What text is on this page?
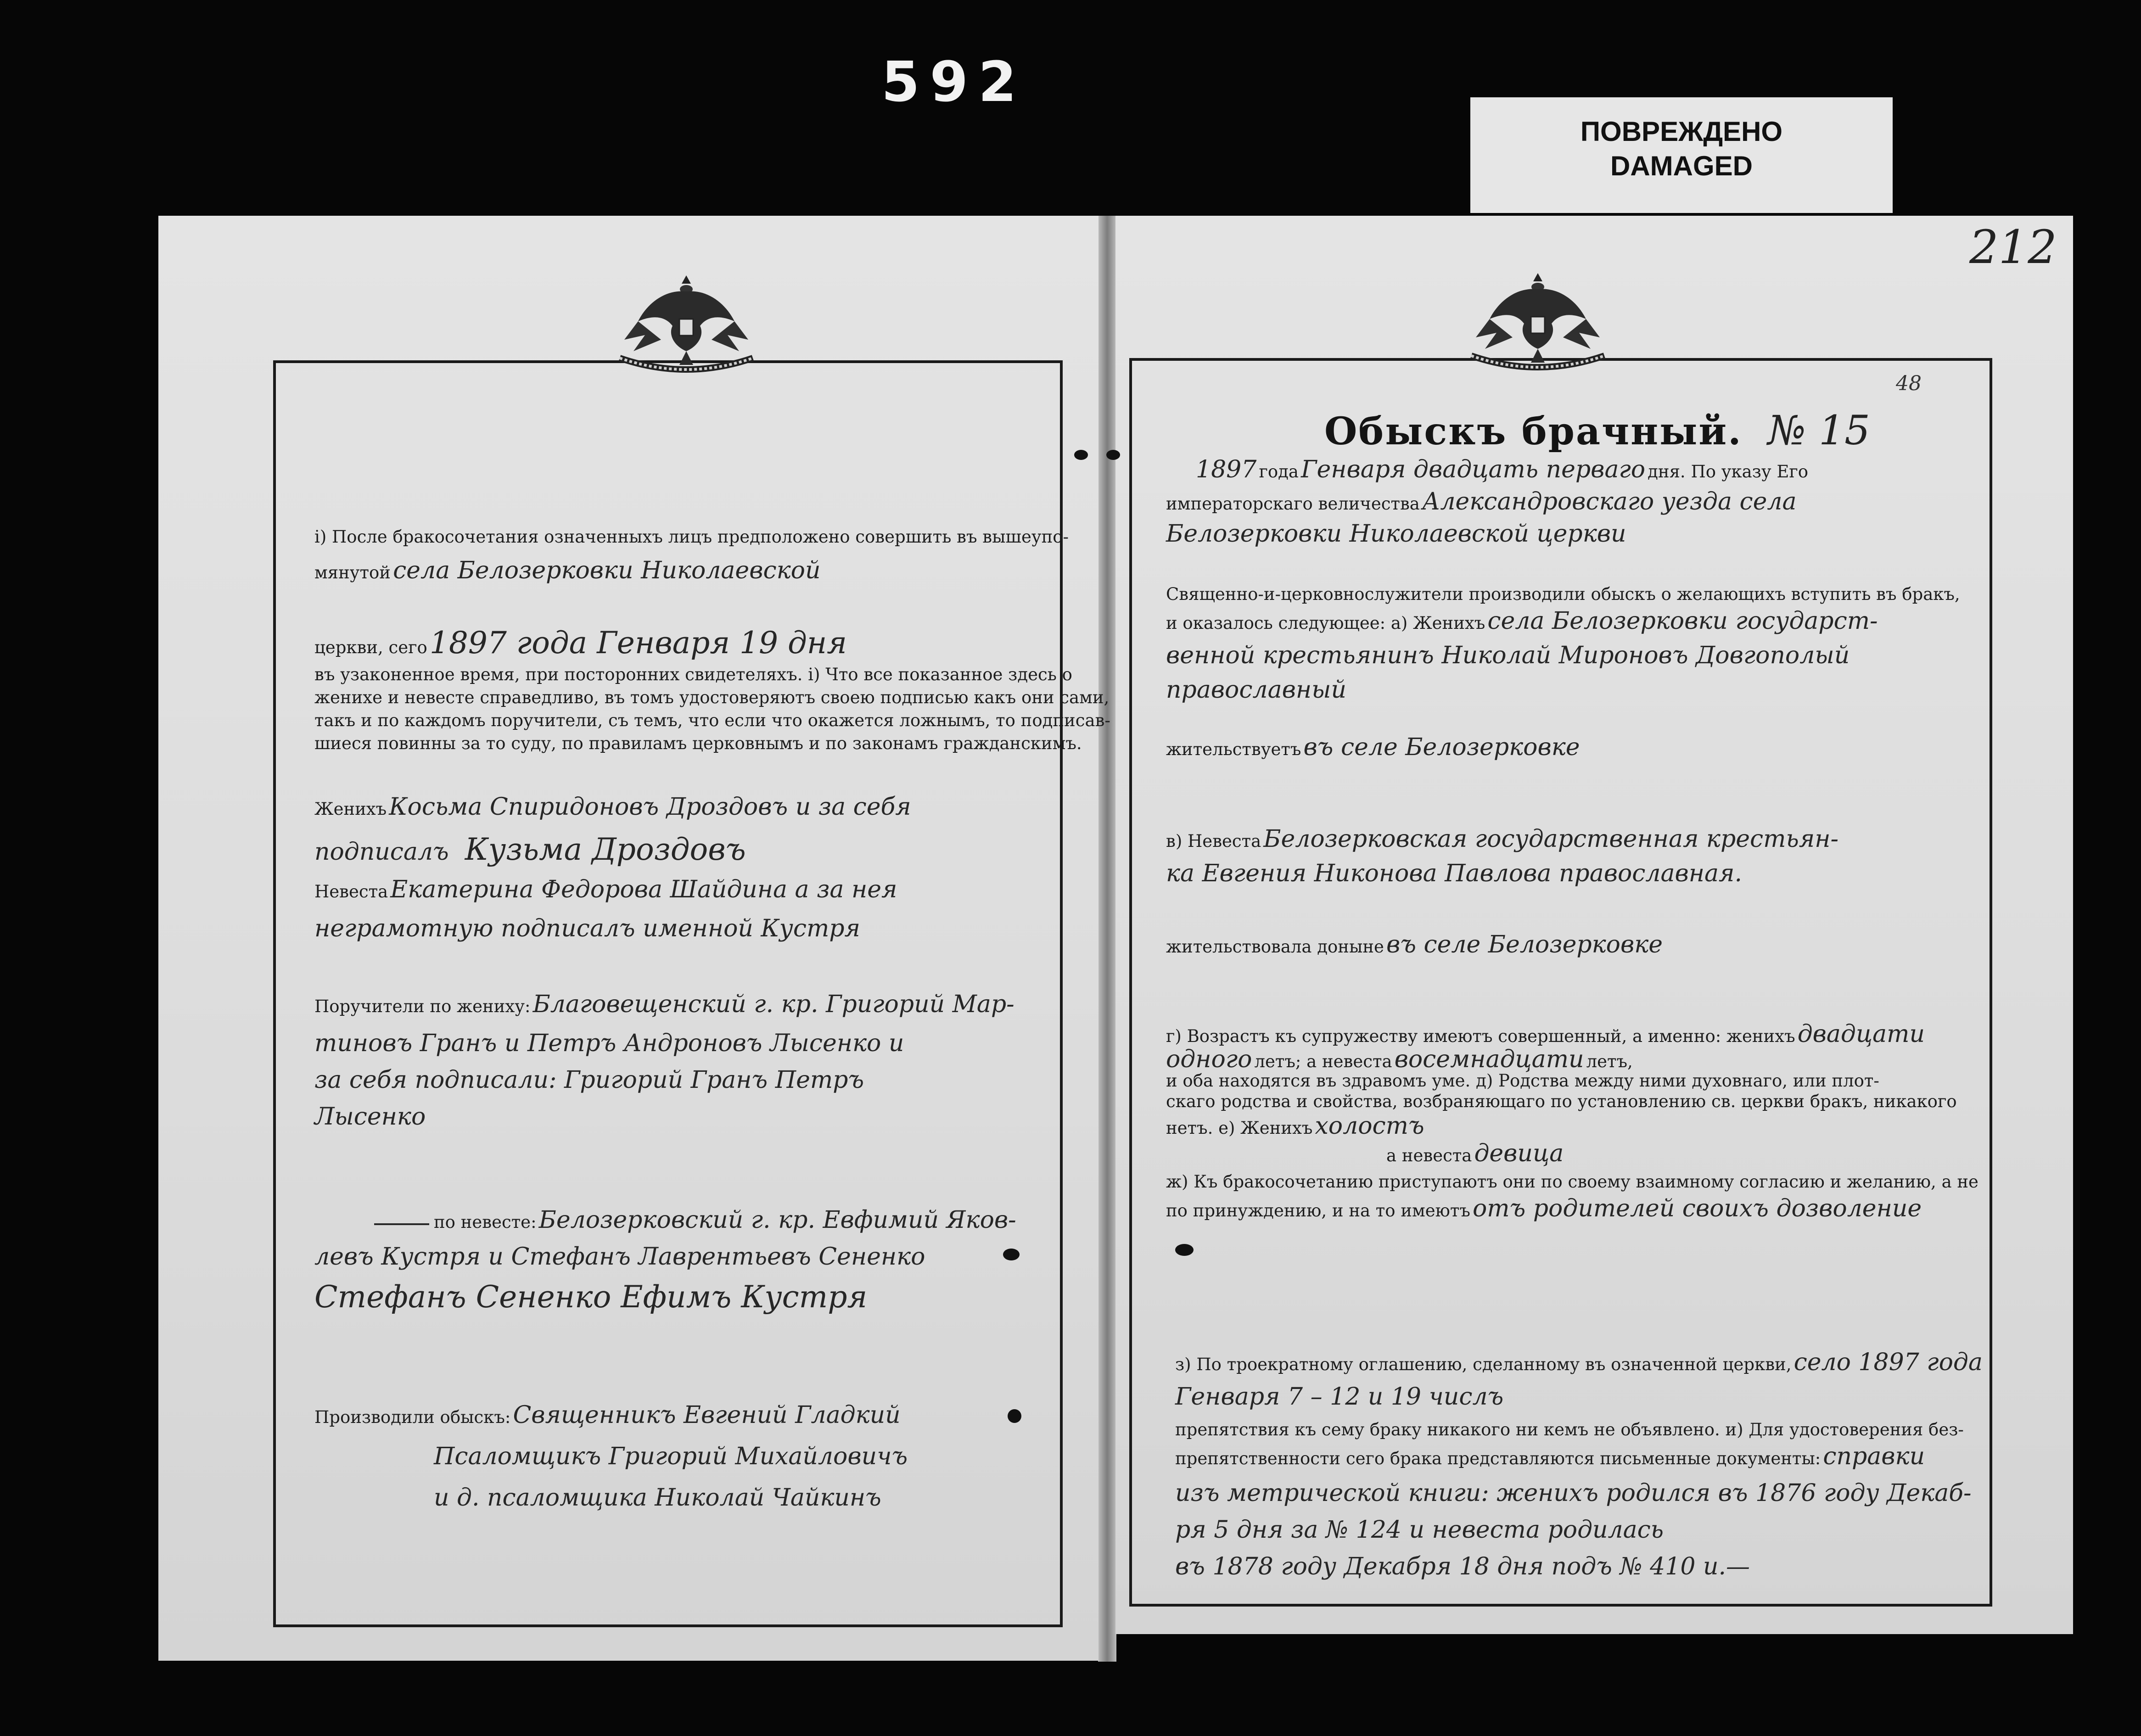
592
ПОВРЕЖДЕНО
DAMAGED
і) После бракосочетания означенныхъ лицъ предположено совершить въ вышеупо-
мянутой села Белозерковки Николаевской
церкви, сего 1897 года Генваря 19 дня
въ узаконенное время, при посторонних свидетеляхъ. і) Что все показанное здесь о
женихе и невесте справедливо, въ томъ удостоверяютъ своею подписью какъ они сами,
такъ и по каждомъ поручители, съ темъ, что если что окажется ложнымъ, то подписав-
шиеся повинны за то суду, по правиламъ церковнымъ и по законамъ гражданскимъ.
Женихъ Косьма Спиридоновъ Дроздовъ и за себя
подписалъ Кузьма Дроздовъ
Невеста Екатерина Федорова Шайдина а за нея
неграмотную подписалъ именной Кустря
Поручители по жениху: Благовещенский г. кр. Григорий Мар-
тиновъ Гранъ и Петръ Андроновъ Лысенко и
за себя подписали: Григорий Гранъ Петръ
Лысенко
по невесте: Белозерковский г. кр. Евфимий Яков-
левъ Кустря и Стефанъ Лаврентьевъ Сененко
Стефанъ Сененко Ефимъ Кустря
Производили обыскъ: Священникъ Евгений Гладкий
Псаломщикъ Григорий Михайловичъ
и д. псаломщика Николай Чайкинъ
212
48
Обыскъ брачный. № 15
1897 года Генваря двадцать перваго дня. По указу Его
императорскаго величества Александровскаго уезда села
Белозерковки Николаевской церкви
Священно-и-церковнослужители производили обыскъ о желающихъ вступить въ бракъ,
и оказалось следующее: а) Женихъ села Белозерковки государст-
венной крестьянинъ Николай Мироновъ Довгополый
православный
жительствуетъ въ селе Белозерковке
в) Невеста Белозерковская государственная крестьян-
ка Евгения Никонова Павлова православная.
жительствовала доныне въ селе Белозерковке
г) Возрастъ къ супружеству имеютъ совершенный, а именно: женихъ двадцати
одного летъ; а невеста восемнадцати летъ,
и оба находятся въ здравомъ уме. д) Родства между ними духовнаго, или плот-
скаго родства и свойства, возбраняющаго по установлению св. церкви бракъ, никакого
нетъ. е) Женихъ холостъ
а невеста девица
ж) Къ бракосочетанию приступаютъ они по своему взаимному согласию и желанию, а не
по принуждению, и на то имеютъ отъ родителей своихъ дозволение
з) По троекратному оглашению, сделанному въ означенной церкви, село 1897 года
Генваря 7 – 12 и 19 числъ
препятствия къ сему браку никакого ни кемъ не объявлено. и) Для удостоверения без-
препятственности сего брака представляются письменные документы: справки
изъ метрической книги: женихъ родился въ 1876 году Декаб-
ря 5 дня за № 124 и невеста родилась
въ 1878 году Декабря 18 дня подъ № 410 и.—
